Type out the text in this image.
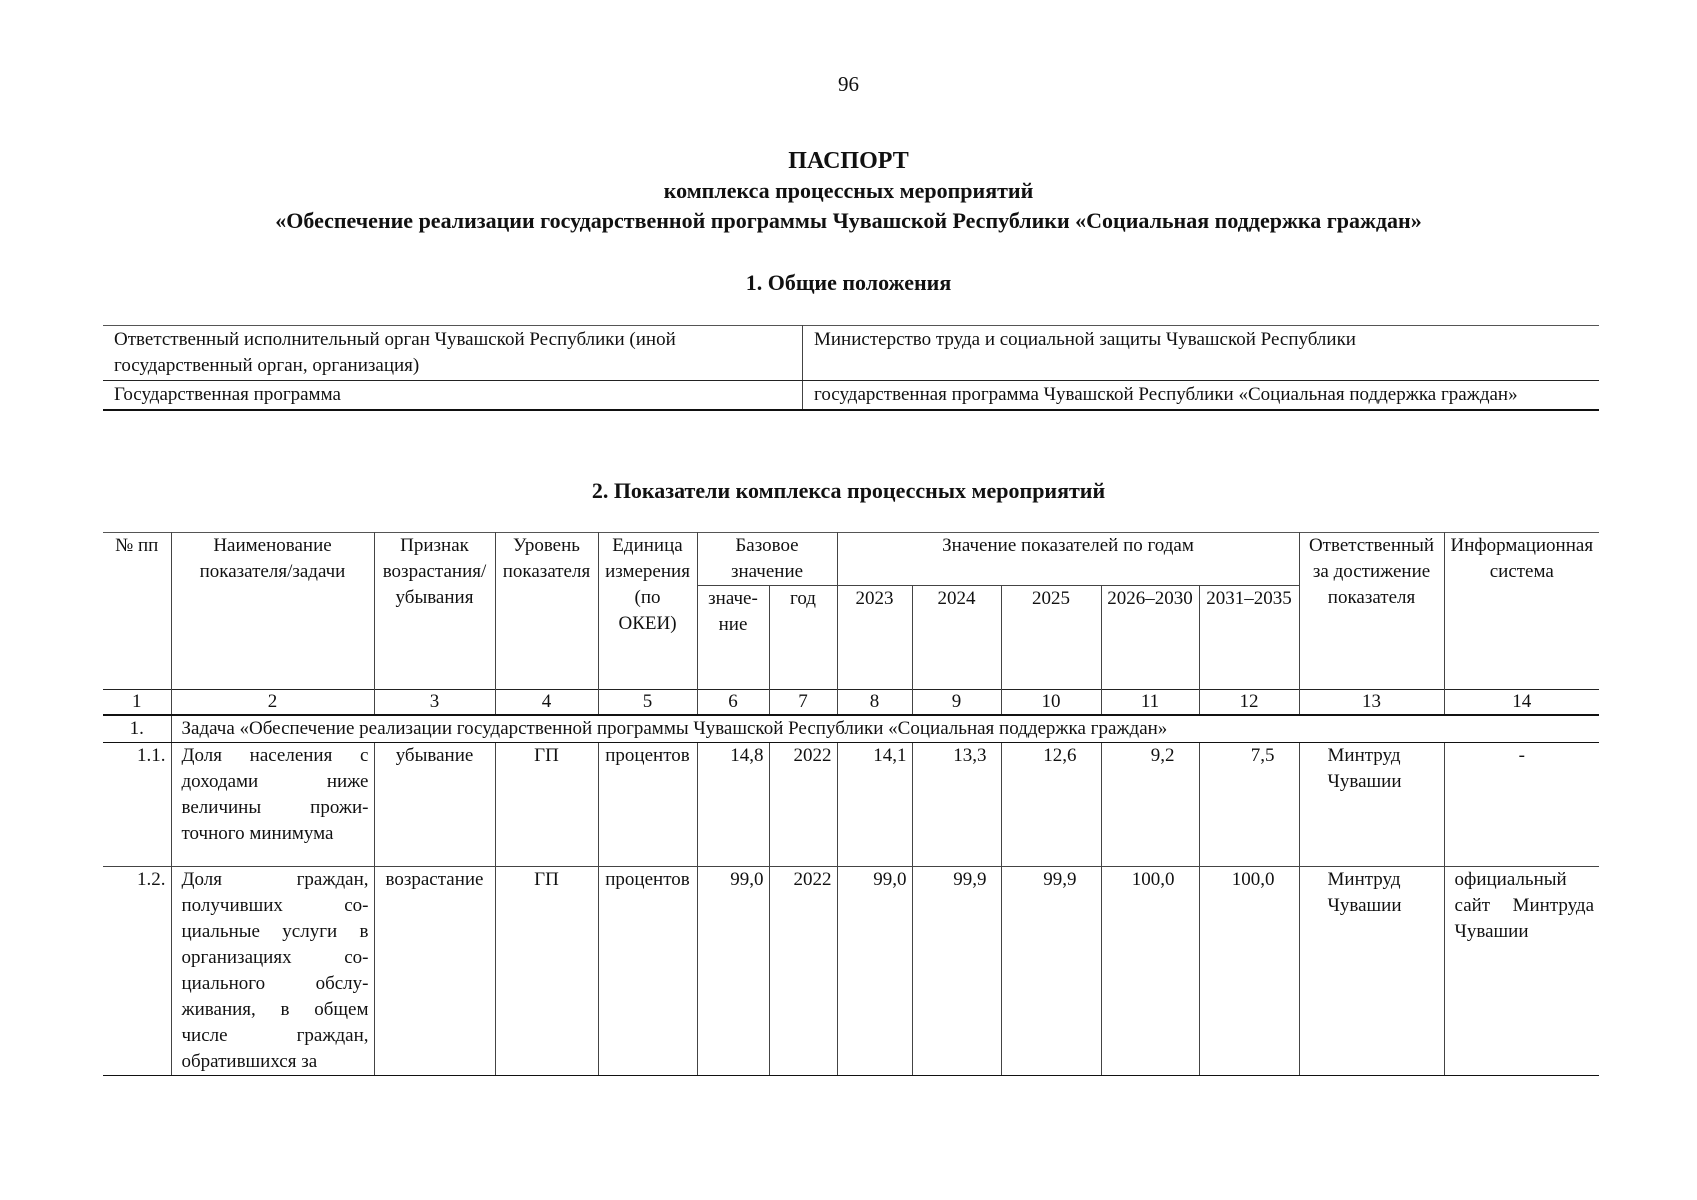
96
ПАСПОРТ
комплекса процессных мероприятий
«Обеспечение реализации государственной программы Чувашской Республики «Социальная поддержка граждан»
1. Общие положения
Ответственный исполнительный орган Чувашской Республики (иной государственный орган, организация)	Министерство труда и социальной защиты Чувашской Республики
Государственная программа	государственная программа Чувашской Республики «Социальная поддержка граждан»
2. Показатели комплекса процессных мероприятий
№ пп	Наименование показателя/задачи	Признак возрастания/убывания	Уровень показателя	Единица измерения (по ОКЕИ)	Базовое значение		Значение показателей по годам					Ответственный за достижение показателя	Информационная система
					значение	год	2023	2024	2025	2026–2030	2031–2035		
1	2	3	4	5	6	7	8	9	10	11	12	13	14
1.	Задача «Обеспечение реализации государственной программы Чувашской Республики «Социальная поддержка граждан»												
1.1.	Доля населения с доходами ниже величины прожиточного минимума	убывание	ГП	процентов	14,8	2022	14,1	13,3	12,6	9,2	7,5	Минтруд Чувашии	-
1.2.	Доля граждан, получивших социальные услуги в организациях социального обслуживания, в общем числе граждан, обратившихся за	возрастание	ГП	процентов	99,0	2022	99,0	99,9	99,9	100,0	100,0	Минтруд Чувашии	официальный сайт Минтруда Чувашии
